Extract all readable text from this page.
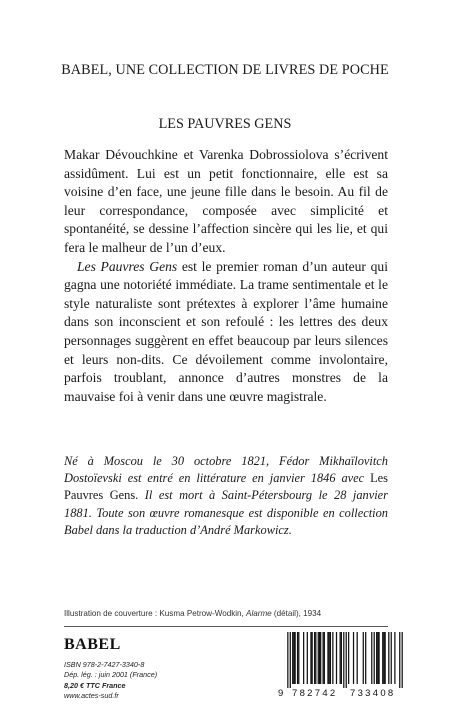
BABEL, UNE COLLECTION DE LIVRES DE POCHE
LES PAUVRES GENS

Makar Dévouchkine et Varenka Dobrossiolova s’écrivent assidûment. Lui est un petit fonctionnaire, elle est sa voisine d’en face, une jeune fille dans le besoin. Au fil de leur correspondance, composée avec simplicité et spontanéité, se dessine l’affection sincère qui les lie, et qui fera le malheur de l’un d’eux.

Les Pauvres Gens est le premier roman d’un auteur qui gagna une notoriété immédiate. La trame sentimentale et le style naturaliste sont prétextes à explorer l’âme humaine dans son inconscient et son refoulé : les lettres des deux personnages suggèrent en effet beaucoup par leurs silences et leurs non-dits. Ce dévoilement comme involontaire, parfois troublant, annonce d’autres monstres de la mauvaise foi à venir dans une œuvre magistrale.

Né à Moscou le 30 octobre 1821, Fédor Mikhaïlovitch Dostoïevski est entré en littérature en janvier 1846 avec Les Pauvres Gens. Il est mort à Saint-Pétersbourg le 28 janvier 1881. Toute son œuvre romanesque est disponible en collection Babel dans la traduction d’André Markowicz.
Illustration de couverture : Kusma Petrow-Wodkin, Alarme (détail), 1934
BABEL
ISBN 978-2-7427-3340-8
Dép. lég. : juin 2001 (France)
8,20 € TTC France
www.actes-sud.fr	9 782742 733408
